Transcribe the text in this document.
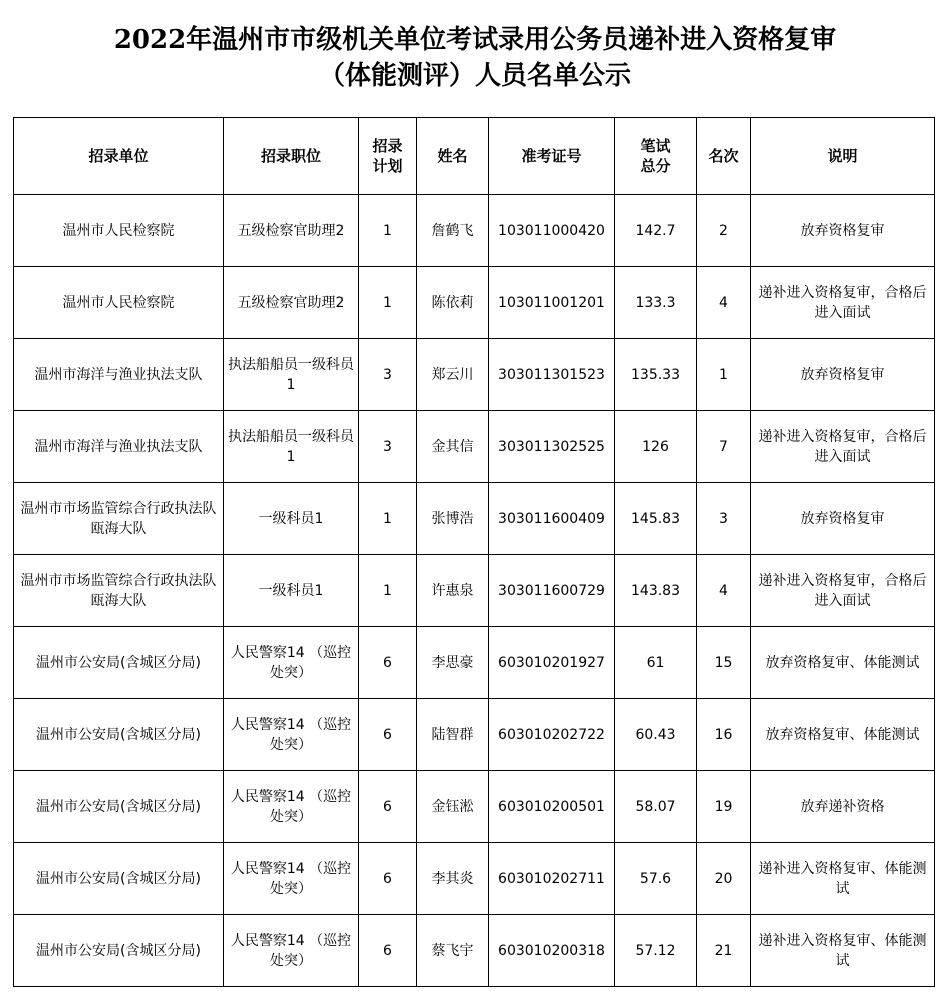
2022年温州市市级机关单位考试录用公务员递补进入资格复审
（体能测评）人员名单公示
招录单位	招录职位	招录计划	姓名	准考证号	笔试总分	名次	说明
温州市人民检察院	五级检察官助理2	1	詹鹤飞	103011000420	142.7	2	放弃资格复审
温州市人民检察院	五级检察官助理2	1	陈依莉	103011001201	133.3	4	递补进入资格复审，合格后进入面试
温州市海洋与渔业执法支队	执法船船员一级科员1	3	郑云川	303011301523	135.33	1	放弃资格复审
温州市海洋与渔业执法支队	执法船船员一级科员1	3	金其信	303011302525	126	7	递补进入资格复审，合格后进入面试
温州市市场监管综合行政执法队瓯海大队	一级科员1	1	张博浩	303011600409	145.83	3	放弃资格复审
温州市市场监管综合行政执法队瓯海大队	一级科员1	1	许惠泉	303011600729	143.83	4	递补进入资格复审，合格后进入面试
温州市公安局(含城区分局)	人民警察14 （巡控处突）	6	李思豪	603010201927	61	15	放弃资格复审、体能测试
温州市公安局(含城区分局)	人民警察14 （巡控处突）	6	陆智群	603010202722	60.43	16	放弃资格复审、体能测试
温州市公安局(含城区分局)	人民警察14 （巡控处突）	6	金钰淞	603010200501	58.07	19	放弃递补资格
温州市公安局(含城区分局)	人民警察14 （巡控处突）	6	李其炎	603010202711	57.6	20	递补进入资格复审、体能测试
温州市公安局(含城区分局)	人民警察14 （巡控处突）	6	蔡飞宇	603010200318	57.12	21	递补进入资格复审、体能测试
